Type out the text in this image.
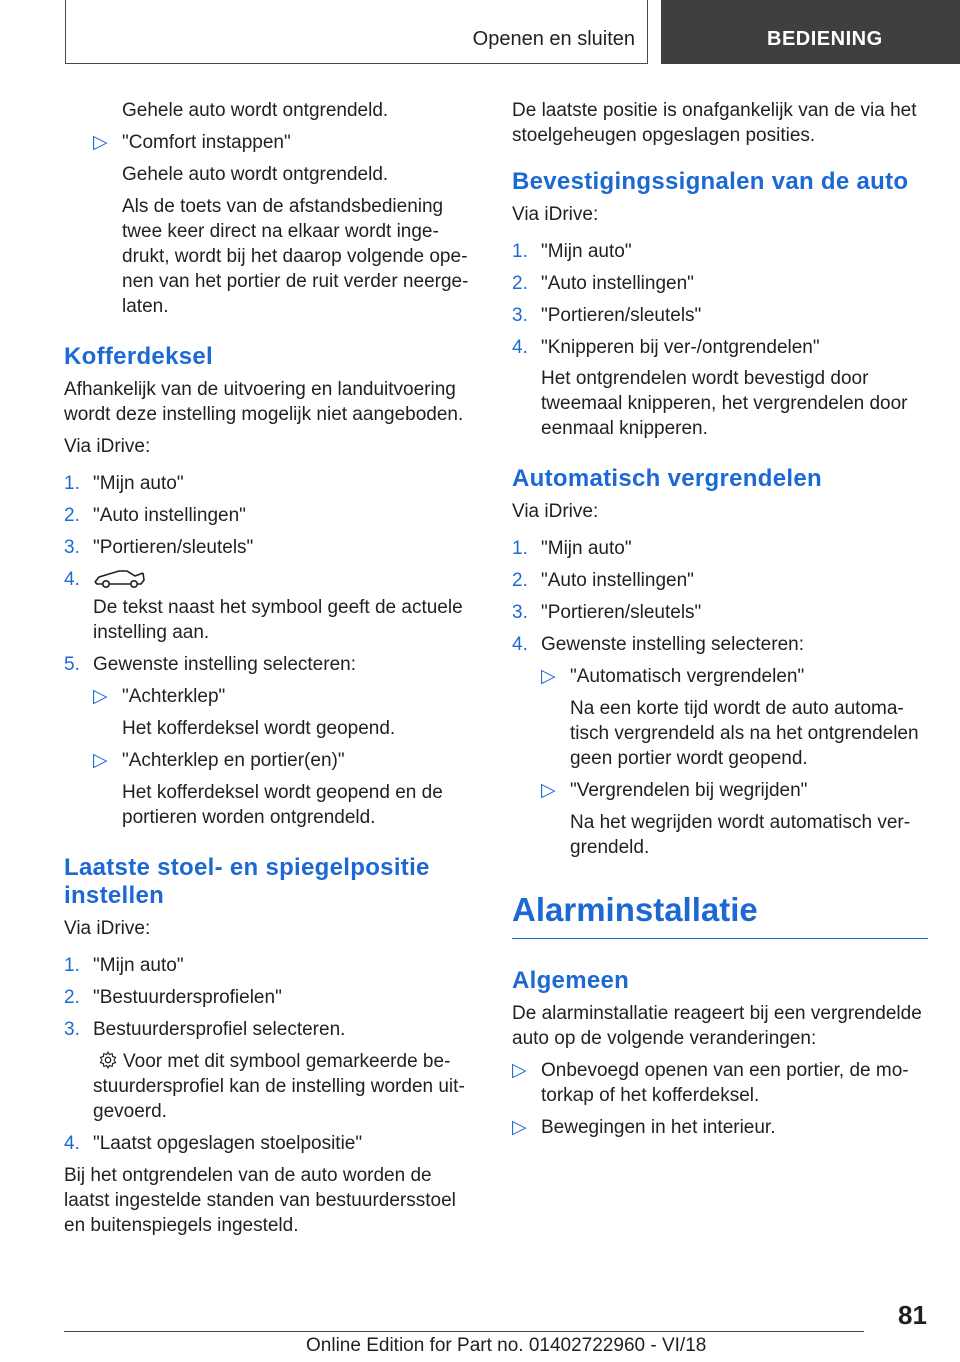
Openen en sluiten	BEDIENING

Gehele auto wordt ontgrendeld.

▷ "Comfort instappen"

Gehele auto wordt ontgrendeld.

Als de toets van de afstandsbediening twee keer direct na elkaar wordt ingedrukt, wordt bij het daarop volgende openen van het portier de ruit verder neergelaten.

Kofferdeksel

Afhankelijk van de uitvoering en landuitvoering wordt deze instelling mogelijk niet aangeboden.

Via iDrive:

1. "Mijn auto"
2. "Auto instellingen"
3. "Portieren/sleutels"
4.

De tekst naast het symbool geeft de actuele instelling aan.

5. Gewenste instelling selecteren:
▷ "Achterklep"

Het kofferdeksel wordt geopend.

▷ "Achterklep en portier(en)"

Het kofferdeksel wordt geopend en de portieren worden ontgrendeld.

Laatste stoel- en spiegelpositie instellen

Via iDrive:

1. "Mijn auto"
2. "Bestuurdersprofielen"
3. Bestuurdersprofiel selecteren.

Voor met dit symbool gemarkeerde bestuurdersprofiel kan de instelling worden uitgevoerd.

4. "Laatst opgeslagen stoelpositie"

Bij het ontgrendelen van de auto worden de laatst ingestelde standen van bestuurdersstoel en buitenspiegels ingesteld.

De laatste positie is onafgankelijk van de via het stoelgeheugen opgeslagen posities.

Bevestigingssignalen van de auto

Via iDrive:

1. "Mijn auto"
2. "Auto instellingen"
3. "Portieren/sleutels"
4. "Knipperen bij ver-/ontgrendelen"

Het ontgrendelen wordt bevestigd door tweemaal knipperen, het vergrendelen door eenmaal knipperen.

Automatisch vergrendelen

Via iDrive:

1. "Mijn auto"
2. "Auto instellingen"
3. "Portieren/sleutels"
4. Gewenste instelling selecteren:
▷ "Automatisch vergrendelen"

Na een korte tijd wordt de auto automatisch vergrendeld als na het ontgrendelen geen portier wordt geopend.

▷ "Vergrendelen bij wegrijden"

Na het wegrijden wordt automatisch vergrendeld.

Alarminstallatie
Algemeen

De alarminstallatie reageert bij een vergrendelde auto op de volgende veranderingen:

▷ Onbevoegd openen van een portier, de motorkap of het kofferdeksel.
▷ Bewegingen in het interieur.
81
Online Edition for Part no. 01402722960 - VI/18
